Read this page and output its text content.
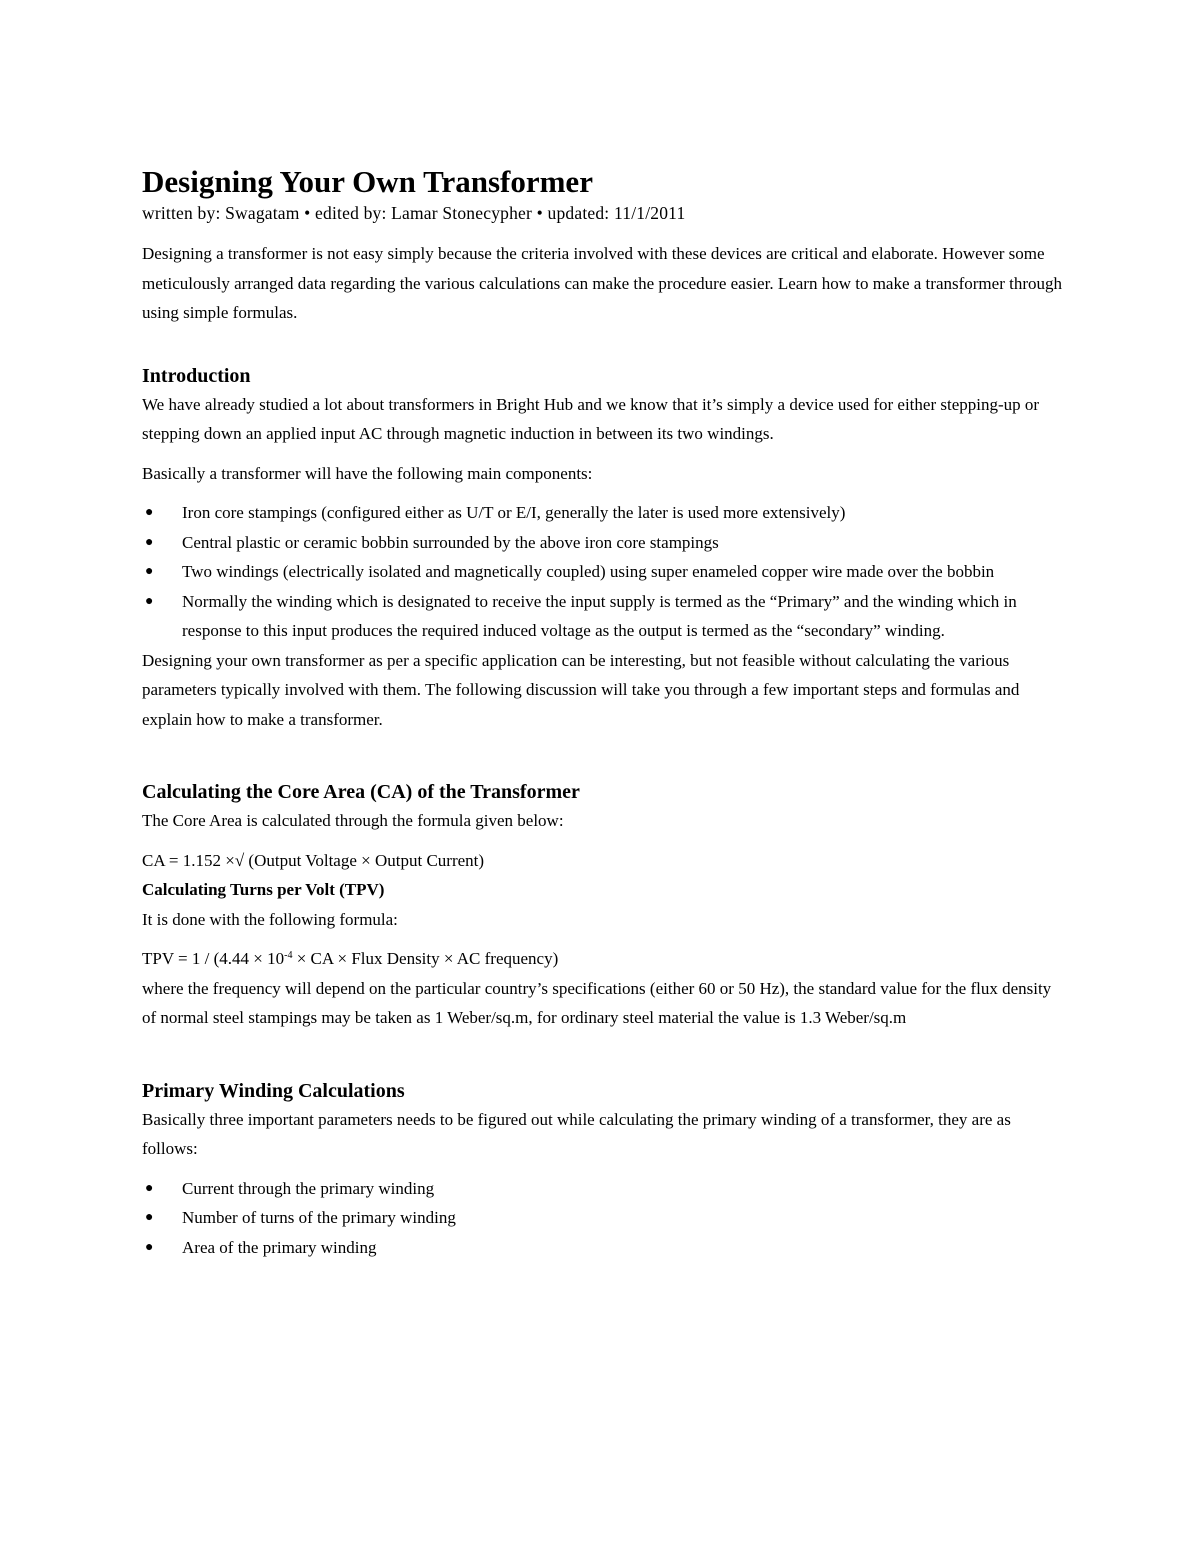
Designing Your Own Transformer

written by: Swagatam • edited by: Lamar Stonecypher • updated: 11/1/2011

Designing a transformer is not easy simply because the criteria involved with these devices are critical and elaborate. However some meticulously arranged data regarding the various calculations can make the procedure easier. Learn how to make a transformer through using simple formulas.

Introduction

We have already studied a lot about transformers in Bright Hub and we know that it’s simply a device used for either stepping-up or stepping down an applied input AC through magnetic induction in between its two windings.

Basically a transformer will have the following main components:

● Iron core stampings (configured either as U/T or E/I, generally the later is used more extensively)
● Central plastic or ceramic bobbin surrounded by the above iron core stampings
● Two windings (electrically isolated and magnetically coupled) using super enameled copper wire made over the bobbin
● Normally the winding which is designated to receive the input supply is termed as the “Primary” and the winding which in response to this input produces the required induced voltage as the output is termed as the “secondary” winding.

Designing your own transformer as per a specific application can be interesting, but not feasible without calculating the various parameters typically involved with them. The following discussion will take you through a few important steps and formulas and explain how to make a transformer.

Calculating the Core Area (CA) of the Transformer

The Core Area is calculated through the formula given below:

CA = 1.152 ×√ (Output Voltage × Output Current)

Calculating Turns per Volt (TPV)

It is done with the following formula:

TPV = $1 / (4.44 \times 10^{-4}$ × CA × Flux Density × AC frequency)

where the frequency will depend on the particular country’s specifications (either 60 or 50 Hz), the standard value for the flux density of normal steel stampings may be taken as 1 Weber/sq.m, for ordinary steel material the value is 1.3 Weber/sq.m

Primary Winding Calculations

Basically three important parameters needs to be figured out while calculating the primary winding of a transformer, they are as follows:

● Current through the primary winding
● Number of turns of the primary winding
● Area of the primary winding
